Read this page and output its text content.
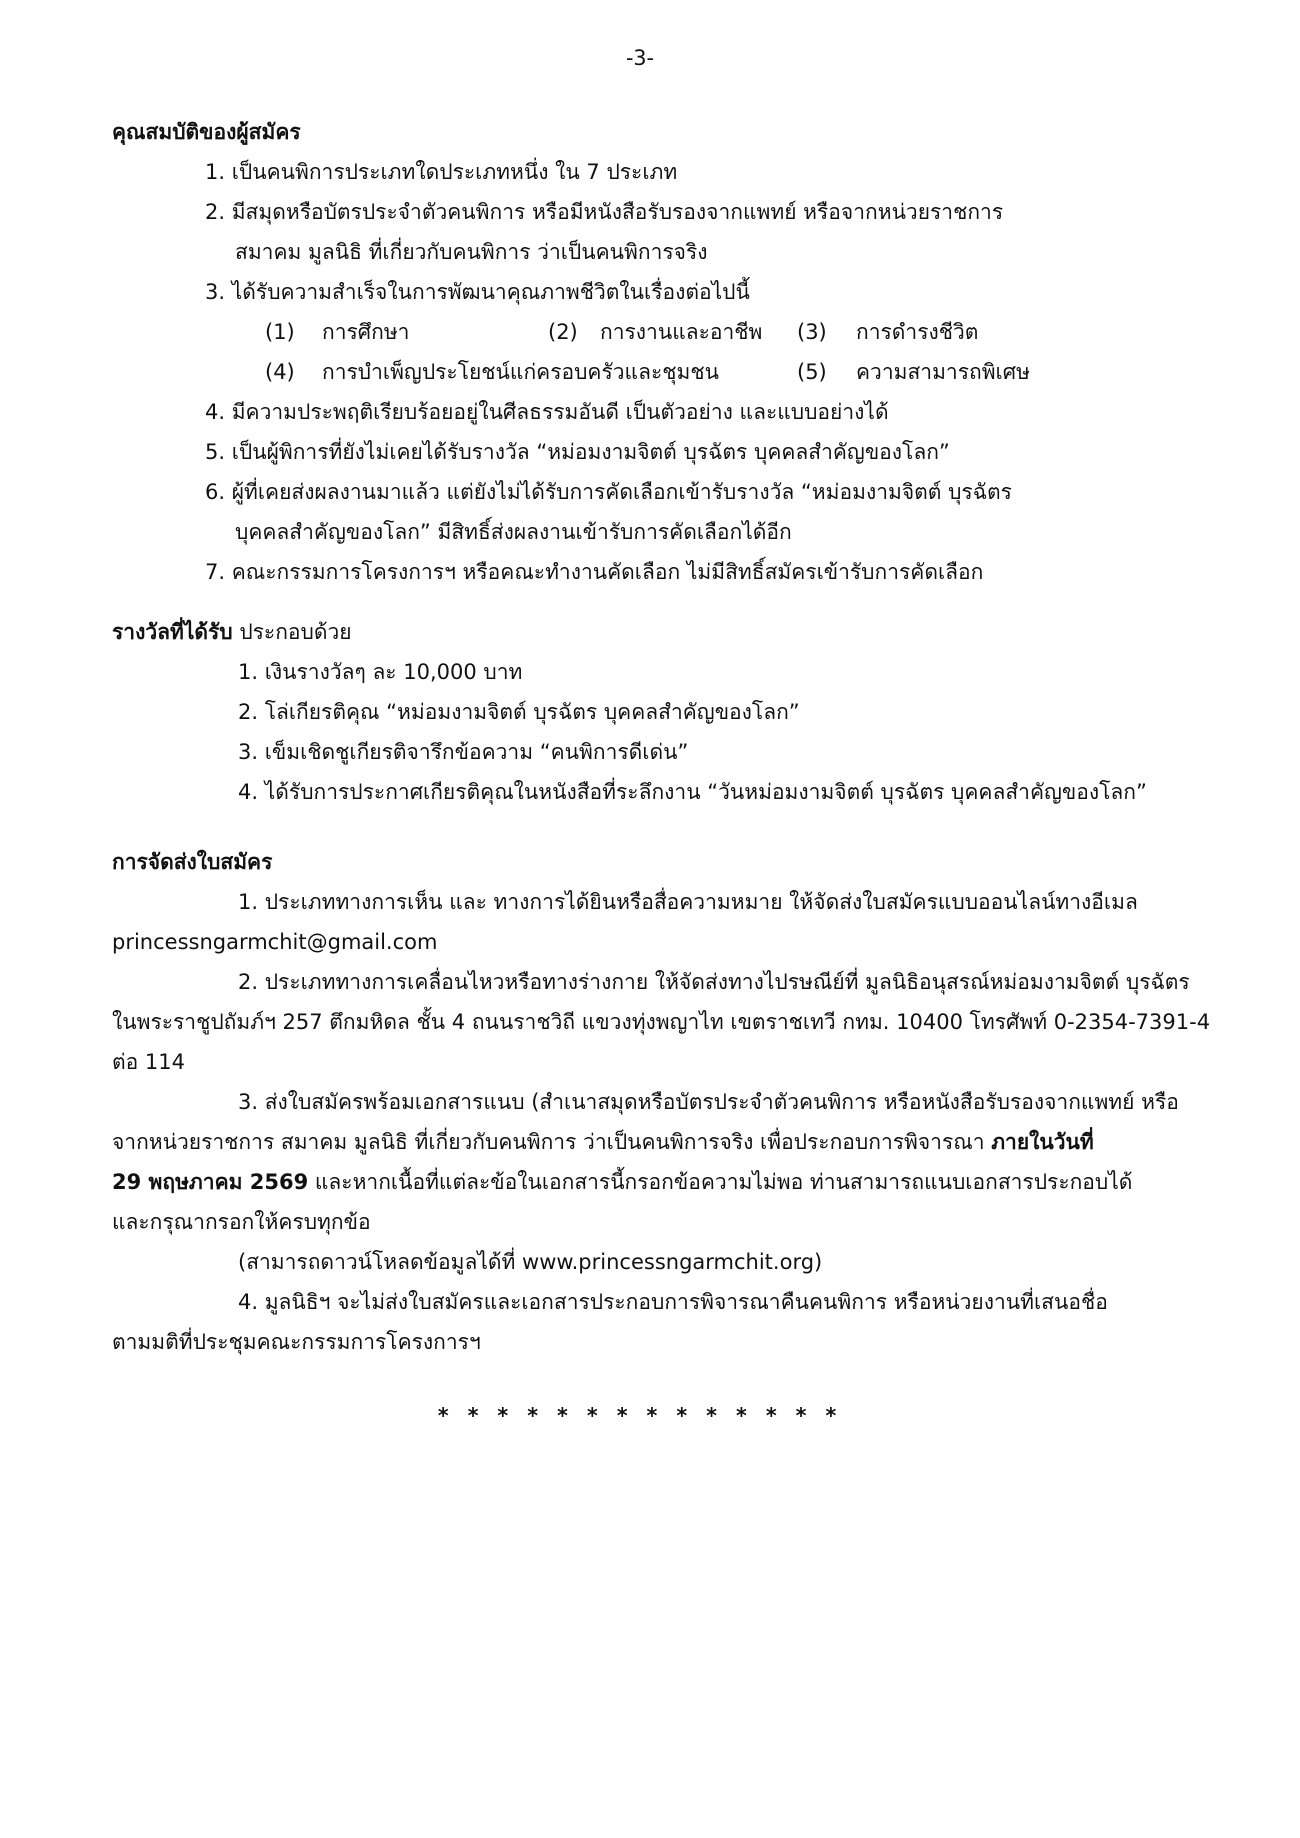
-3-
คุณสมบัติของผู้สมัคร
1. เป็นคนพิการประเภทใดประเภทหนึ่ง ใน 7 ประเภท
2. มีสมุดหรือบัตรประจำตัวคนพิการ หรือมีหนังสือรับรองจากแพทย์ หรือจากหน่วยราชการ
สมาคม มูลนิธิ ที่เกี่ยวกับคนพิการ ว่าเป็นคนพิการจริง
3. ได้รับความสำเร็จในการพัฒนาคุณภาพชีวิตในเรื่องต่อไปนี้
(1) การศึกษา	(2) การงานและอาชีพ (3) การดำรงชีวิต
(4) การบำเพ็ญประโยชน์แก่ครอบครัวและชุมชน	(5) ความสามารถพิเศษ
4. มีความประพฤติเรียบร้อยอยู่ในศีลธรรมอันดี เป็นตัวอย่าง และแบบอย่างได้
5. เป็นผู้พิการที่ยังไม่เคยได้รับรางวัล “หม่อมงามจิตต์ บุรฉัตร บุคคลสำคัญของโลก”
6. ผู้ที่เคยส่งผลงานมาแล้ว แต่ยังไม่ได้รับการคัดเลือกเข้ารับรางวัล “หม่อมงามจิตต์ บุรฉัตร
บุคคลสำคัญของโลก” มีสิทธิ์ส่งผลงานเข้ารับการคัดเลือกได้อีก
7. คณะกรรมการโครงการฯ หรือคณะทำงานคัดเลือก ไม่มีสิทธิ์สมัครเข้ารับการคัดเลือก
รางวัลที่ได้รับ ประกอบด้วย
1. เงินรางวัลๆ ละ 10,000 บาท
2. โล่เกียรติคุณ “หม่อมงามจิตต์ บุรฉัตร บุคคลสำคัญของโลก”
3. เข็มเชิดชูเกียรติจารึกข้อความ “คนพิการดีเด่น”
4. ได้รับการประกาศเกียรติคุณในหนังสือที่ระลึกงาน “วันหม่อมงามจิตต์ บุรฉัตร บุคคลสำคัญของโลก”
การจัดส่งใบสมัคร
1. ประเภททางการเห็น และ ทางการได้ยินหรือสื่อความหมาย ให้จัดส่งใบสมัครแบบออนไลน์ทางอีเมล
princessngarmchit@gmail.com
2. ประเภททางการเคลื่อนไหวหรือทางร่างกาย ให้จัดส่งทางไปรษณีย์ที่ มูลนิธิอนุสรณ์หม่อมงามจิตต์ บุรฉัตร
ในพระราชูปถัมภ์ฯ 257 ตึกมหิดล ชั้น 4 ถนนราชวิถี แขวงทุ่งพญาไท เขตราชเทวี กทม. 10400 โทรศัพท์ 0-2354-7391-4
ต่อ 114
3. ส่งใบสมัครพร้อมเอกสารแนบ (สำเนาสมุดหรือบัตรประจำตัวคนพิการ หรือหนังสือรับรองจากแพทย์ หรือ
จากหน่วยราชการ สมาคม มูลนิธิ ที่เกี่ยวกับคนพิการ ว่าเป็นคนพิการจริง เพื่อประกอบการพิจารณา ภายในวันที่
29 พฤษภาคม 2569 และหากเนื้อที่แต่ละข้อในเอกสารนี้กรอกข้อความไม่พอ ท่านสามารถแนบเอกสารประกอบได้
และกรุณากรอกให้ครบทุกข้อ
(สามารถดาวน์โหลดข้อมูลได้ที่ www.princessngarmchit.org)
4. มูลนิธิฯ จะไม่ส่งใบสมัครและเอกสารประกอบการพิจารณาคืนคนพิการ หรือหน่วยงานที่เสนอชื่อ
ตามมติที่ประชุมคณะกรรมการโครงการฯ
* * * * * * * * * * * * * *
